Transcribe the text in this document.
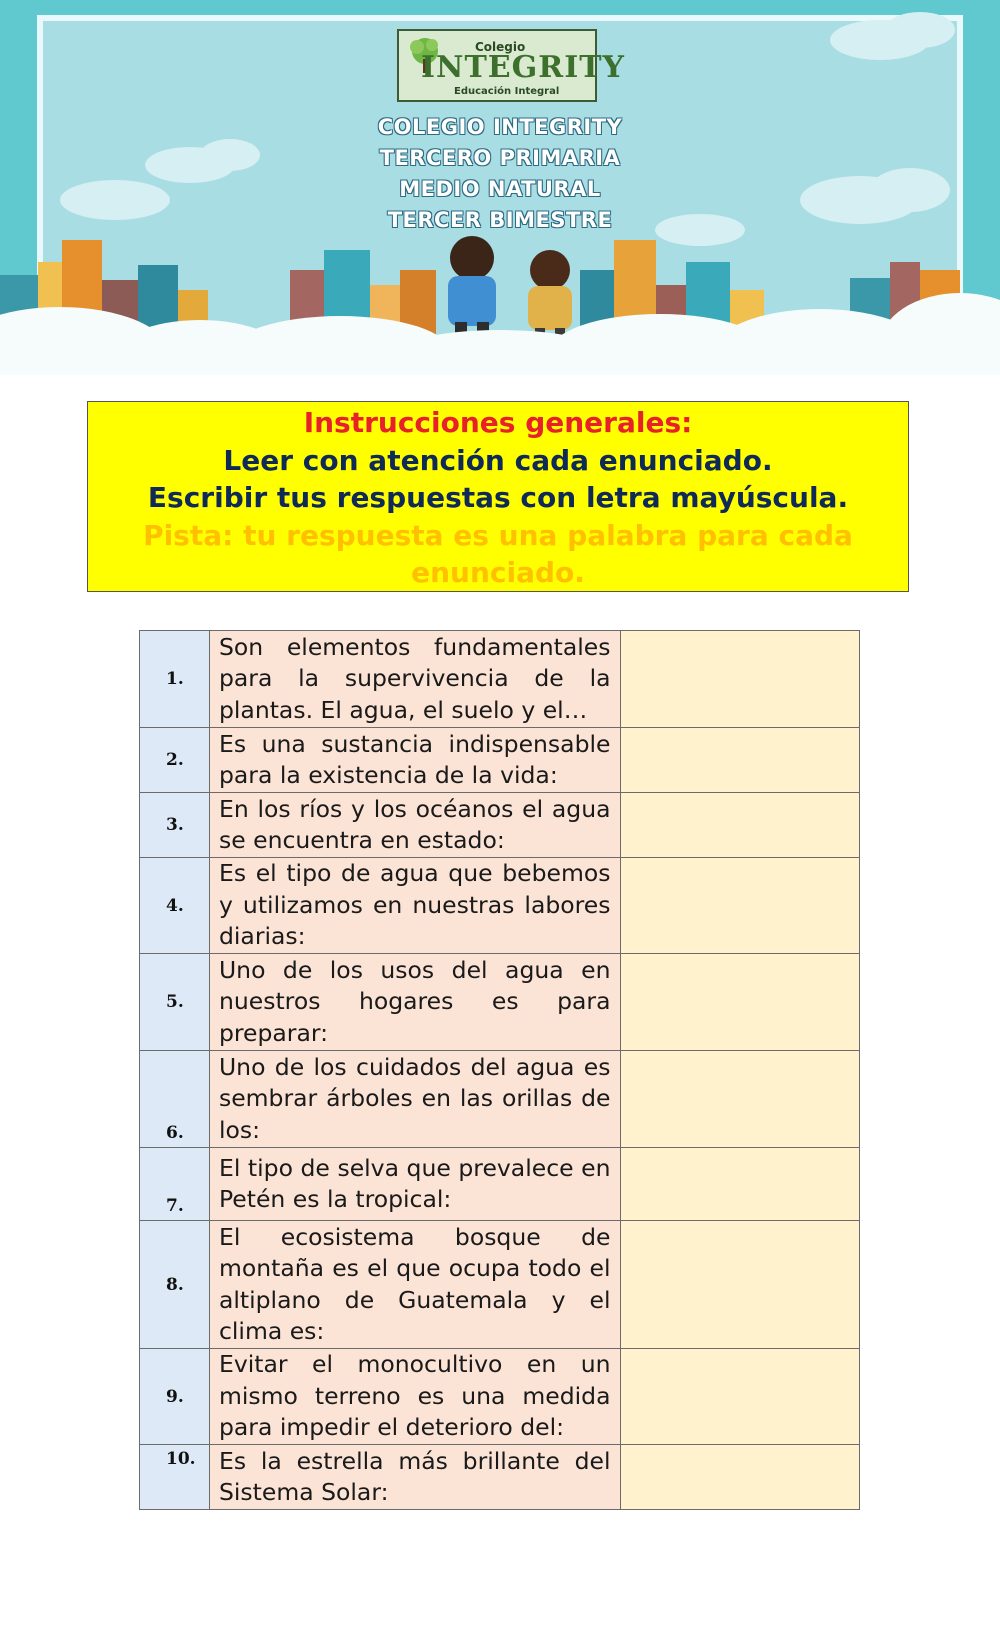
Colegio
INTEGRITY
Educación Integral
COLEGIO INTEGRITY
TERCERO PRIMARIA
MEDIO NATURAL
TERCER BIMESTRE
Instrucciones generales:
Leer con atención cada enunciado.
Escribir tus respuestas con letra mayúscula.
Pista: tu respuesta es una palabra para cada
enunciado.
1.	Son elementos fundamentales para la supervivencia de la plantas. El agua, el suelo y el…	
2.	Es una sustancia indispensable para la existencia de la vida:	
3.	En los ríos y los océanos el agua se encuentra en estado:	
4.	Es el tipo de agua que bebemos y utilizamos en nuestras labores diarias:	
5.	Uno de los usos del agua en nuestros hogares es para preparar:	
6.	Uno de los cuidados del agua es sembrar árboles en las orillas de los:	
7.	El tipo de selva que prevalece en Petén es la tropical:	
8.	El ecosistema bosque de montaña es el que ocupa todo el altiplano de Guatemala y el clima es:	
9.	Evitar el monocultivo en un mismo terreno es una medida para impedir el deterioro del:	
10.	Es la estrella más brillante del Sistema Solar:	
